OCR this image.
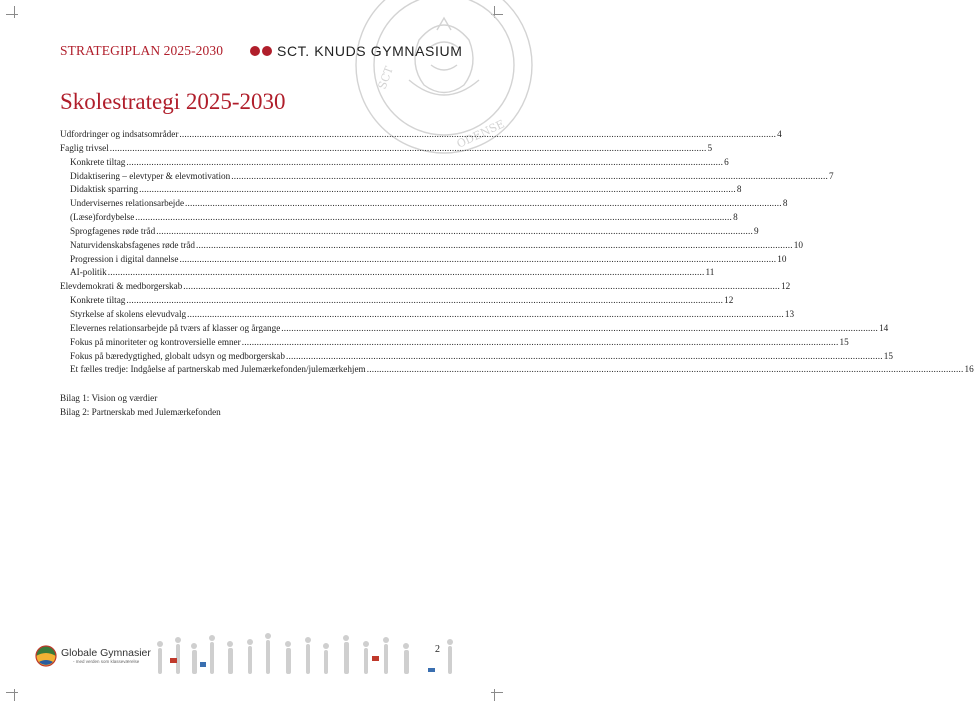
SCT
ODENSE
STRATEGIPLAN 2025-2030	SCT. KNUDS GYMNASIUM
Skolestrategi 2025-2030
Udfordringer og indsatsområder .....	4
Faglig trivsel .....	5
Konkrete tiltag .....	6
Didaktisering – elevtyper & elevmotivation .....	7
Didaktisk sparring .....	8
Undervisernes relationsarbejde .....	8
(Læse)fordybelse .....	8
Sprogfagenes røde tråd .....	9
Naturvidenskabsfagenes røde tråd .....	10
Progression i digital dannelse .....	10
AI-politik .....	11
Elevdemokrati & medborgerskab .....	12
Konkrete tiltag .....	12
Styrkelse af skolens elevudvalg .....	13
Elevernes relationsarbejde på tværs af klasser og årgange .....	14
Fokus på minoriteter og kontroversielle emner .....	15
Fokus på bæredygtighed, globalt udsyn og medborgerskab .....	15
Et fælles tredje: Indgåelse af partnerskab med Julemærkefonden/julemærkehjem .....	16
Bilag 1: Vision og værdier
Bilag 2: Partnerskab med Julemærkefonden
Globale Gymnasier
- med verden som klasseværelse
2
